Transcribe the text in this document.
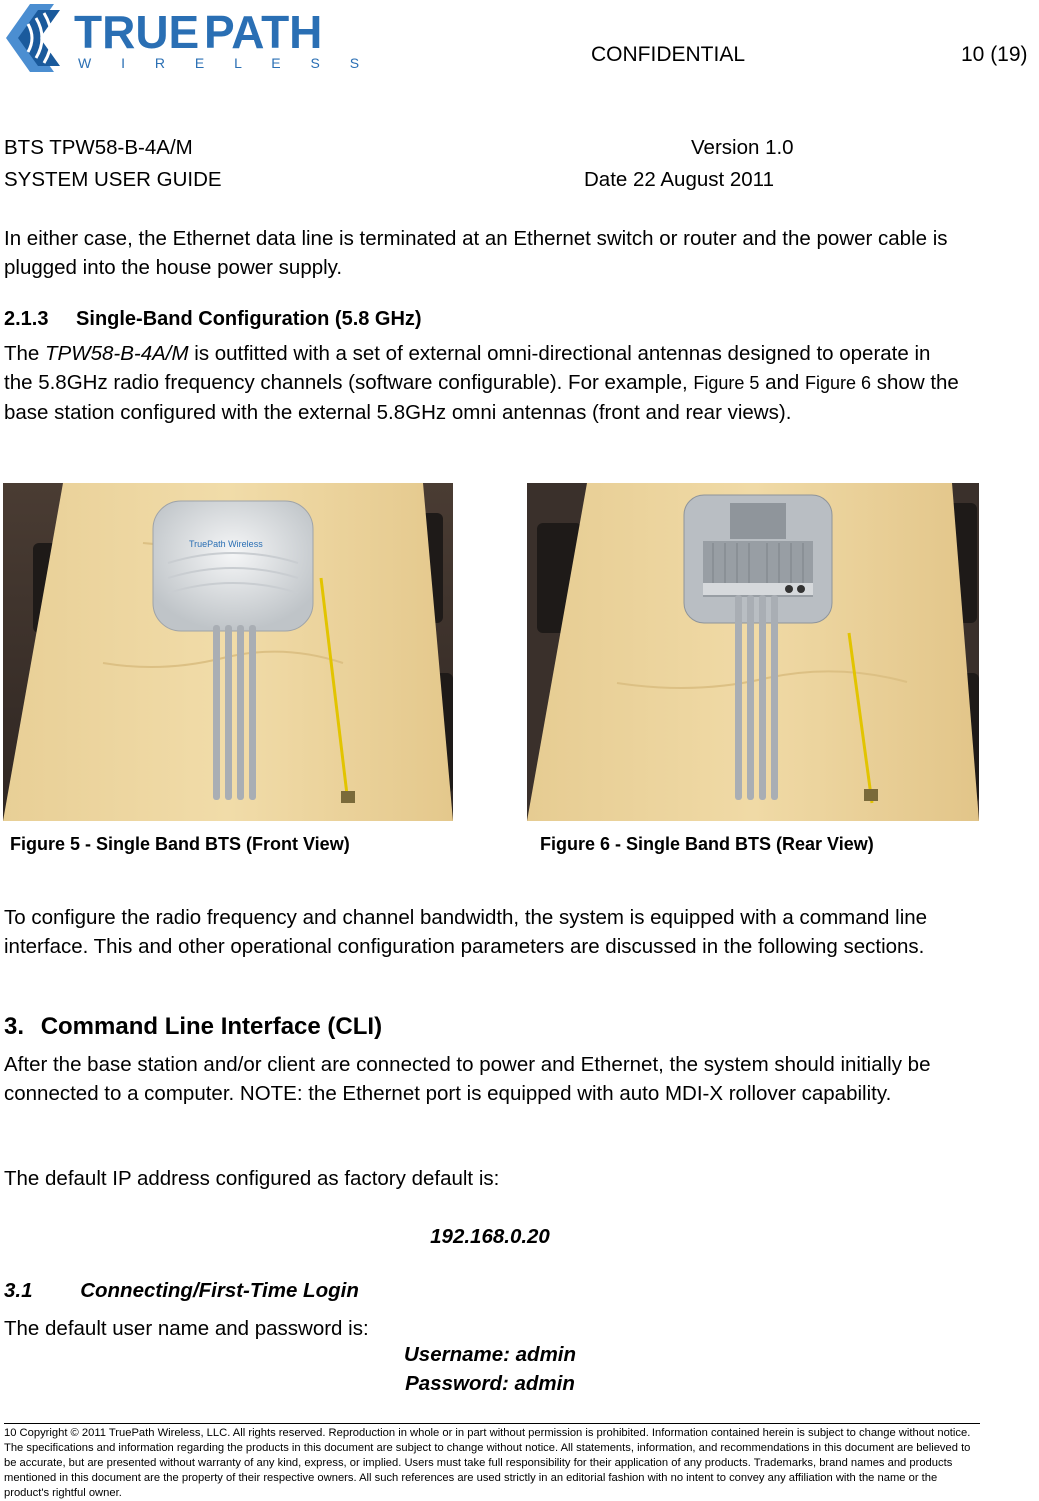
TRUE PATH
W I R E L E S S	CONFIDENTIAL	10 (19)
BTS TPW58-B-4A/M	Version 1.0
SYSTEM USER GUIDE	Date 22 August 2011
In either case, the Ethernet data line is terminated at an Ethernet switch or router and the power cable is plugged into the house power supply.
2.1.3 Single-Band Configuration (5.8 GHz)
The TPW58-B-4A/M is outfitted with a set of external omni-directional antennas designed to operate in the 5.8GHz radio frequency channels (software configurable). For example, Figure 5 and Figure 6 show the base station configured with the external 5.8GHz omni antennas (front and rear views).
TruePath Wireless
Figure 5 - Single Band BTS (Front View)	Figure 6 - Single Band BTS (Rear View)
To configure the radio frequency and channel bandwidth, the system is equipped with a command line interface. This and other operational configuration parameters are discussed in the following sections.
3. Command Line Interface (CLI)
After the base station and/or client are connected to power and Ethernet, the system should initially be connected to a computer. NOTE: the Ethernet port is equipped with auto MDI-X rollover capability.
The default IP address configured as factory default is:
192.168.0.20
3.1 Connecting/First-Time Login
The default user name and password is:
Username: admin
Password: admin
10 Copyright © 2011 TruePath Wireless, LLC. All rights reserved. Reproduction in whole or in part without permission is prohibited. Information contained herein is subject to change without notice. The specifications and information regarding the products in this document are subject to change without notice. All statements, information, and recommendations in this document are believed to be accurate, but are presented without warranty of any kind, express, or implied. Users must take full responsibility for their application of any products. Trademarks, brand names and products mentioned in this document are the property of their respective owners. All such references are used strictly in an editorial fashion with no intent to convey any affiliation with the name or the product's rightful owner.
